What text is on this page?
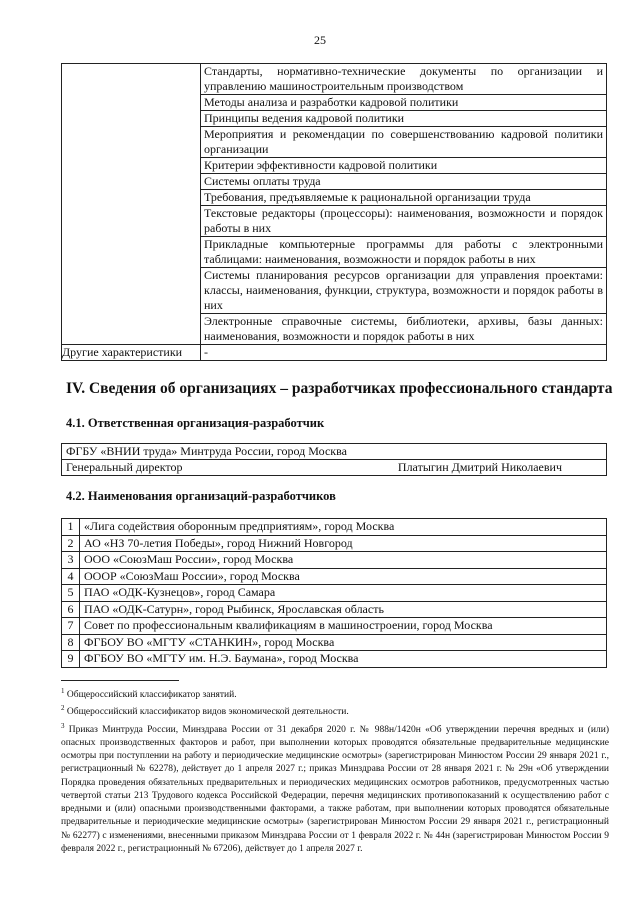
25
	Стандарты, нормативно-технические документы по организации и управлению машиностроительным производством
	Методы анализа и разработки кадровой политики
	Принципы ведения кадровой политики
	Мероприятия и рекомендации по совершенствованию кадровой политики организации
	Критерии эффективности кадровой политики
	Системы оплаты труда
	Требования, предъявляемые к рациональной организации труда
	Текстовые редакторы (процессоры): наименования, возможности и порядок работы в них
	Прикладные компьютерные программы для работы с электронными таблицами: наименования, возможности и порядок работы в них
	Системы планирования ресурсов организации для управления проектами: классы, наименования, функции, структура, возможности и порядок работы в них
	Электронные справочные системы, библиотеки, архивы, базы данных: наименования, возможности и порядок работы в них
Другие характеристики	-
IV. Сведения об организациях – разработчиках профессионального стандарта
4.1. Ответственная организация-разработчик
ФГБУ «ВНИИ труда» Минтруда России, город Москва

Генеральный директор	Платыгин Дмитрий Николаевич
4.2. Наименования организаций-разработчиков
1	«Лига содействия оборонным предприятиям», город Москва
2	АО «НЗ 70-летия Победы», город Нижний Новгород
3	ООО «СоюзМаш России», город Москва
4	ОООР «СоюзМаш России», город Москва
5	ПАО «ОДК-Кузнецов», город Самара
6	ПАО «ОДК-Сатурн», город Рыбинск, Ярославская область
7	Совет по профессиональным квалификациям в машиностроении, город Москва
8	ФГБОУ ВО «МГТУ «СТАНКИН», город Москва
9	ФГБОУ ВО «МГТУ им. Н.Э. Баумана», город Москва

$^1$ Общероссийский классификатор занятий.

$^2$ Общероссийский классификатор видов экономической деятельности.

$^3$ Приказ Минтруда России, Минздрава России от 31 декабря 2020 г. № 988н/1420н «Об утверждении перечня вредных и (или) опасных производственных факторов и работ, при выполнении которых проводятся обязательные предварительные медицинские осмотры при поступлении на работу и периодические медицинские осмотры» (зарегистрирован Минюстом России 29 января 2021 г., регистрационный № 62278), действует до 1 апреля 2027 г.; приказ Минздрава России от 28 января 2021 г. № 29н «Об утверждении Порядка проведения обязательных предварительных и периодических медицинских осмотров работников, предусмотренных частью четвертой статьи 213 Трудового кодекса Российской Федерации, перечня медицинских противопоказаний к осуществлению работ с вредными и (или) опасными производственными факторами, а также работам, при выполнении которых проводятся обязательные предварительные и периодические медицинские осмотры» (зарегистрирован Минюстом России 29 января 2021 г., регистрационный № 62277) с изменениями, внесенными приказом Минздрава России от 1 февраля 2022 г. № 44н (зарегистрирован Минюстом России 9 февраля 2022 г., регистрационный № 67206), действует до 1 апреля 2027 г.
